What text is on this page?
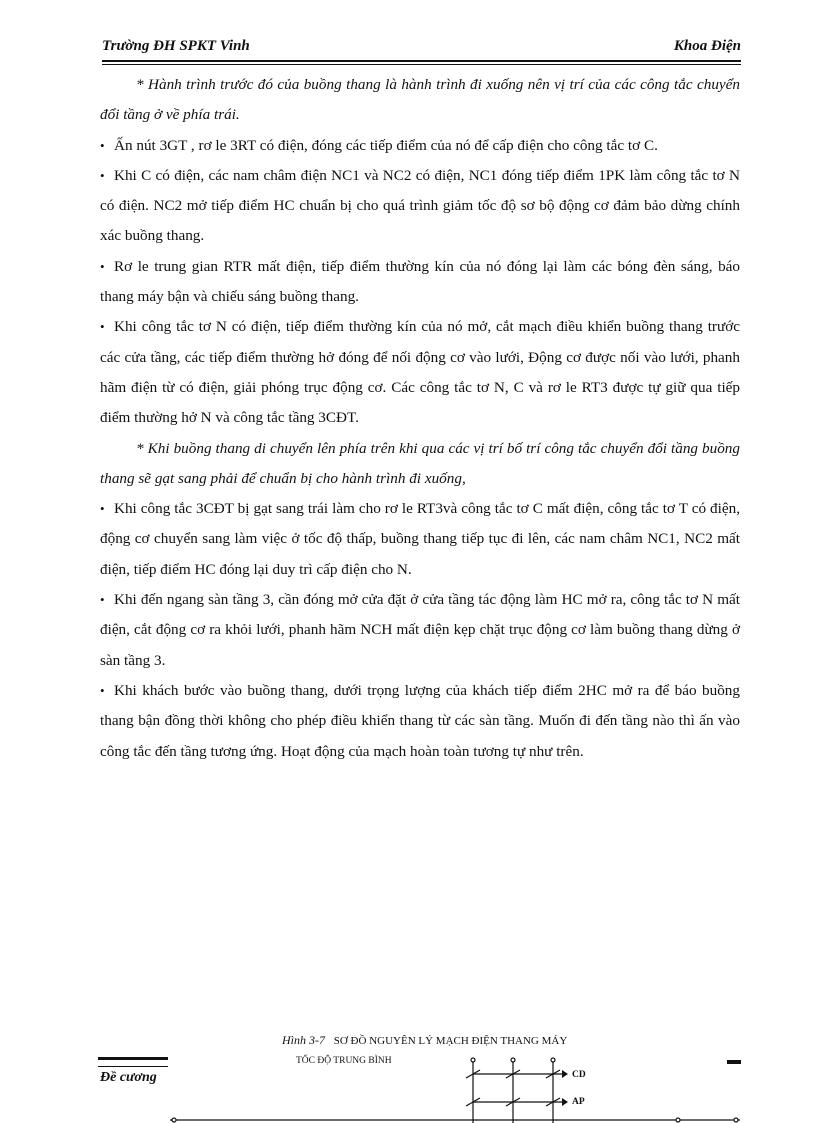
Trường ĐH SPKT Vinh	Khoa Điện

* Hành trình trước đó của buồng thang là hành trình đi xuống nên vị trí của các công tắc chuyển đổi tầng ở về phía trái.

• Ấn nút 3GT , rơ le 3RT có điện, đóng các tiếp điểm của nó để cấp điện cho công tắc tơ C.

• Khi C có điện, các nam châm điện NC1 và NC2 có điện, NC1 đóng tiếp điểm 1PK làm công tắc tơ N có điện. NC2 mở tiếp điểm HC chuẩn bị cho quá trình giảm tốc độ sơ bộ động cơ đảm bảo dừng chính xác buồng thang.

• Rơ le trung gian RTR mất điện, tiếp điểm thường kín của nó đóng lại làm các bóng đèn sáng, báo thang máy bận và chiếu sáng buồng thang.

• Khi công tắc tơ N có điện, tiếp điểm thường kín của nó mở, cắt mạch điều khiển buồng thang trước các cửa tầng, các tiếp điểm thường hở đóng để nối động cơ vào lưới, Động cơ được nối vào lưới, phanh hãm điện từ có điện, giải phóng trục động cơ. Các công tắc tơ N, C và rơ le RT3 được tự giữ qua tiếp điểm thường hở N và công tắc tầng 3CĐT.

* Khi buồng thang di chuyển lên phía trên khi qua các vị trí bố trí công tắc chuyển đổi tầng buồng thang sẽ gạt sang phải để chuẩn bị cho hành trình đi xuống,

• Khi công tắc 3CĐT bị gạt sang trái làm cho rơ le RT3và công tắc tơ C mất điện, công tắc tơ T có điện, động cơ chuyển sang làm việc ở tốc độ thấp, buồng thang tiếp tục đi lên, các nam châm NC1, NC2 mất điện, tiếp điểm HC đóng lại duy trì cấp điện cho N.

• Khi đến ngang sàn tầng 3, cần đóng mở cửa đặt ở cửa tầng tác động làm HC mở ra, công tắc tơ N mất điện, cắt động cơ ra khỏi lưới, phanh hãm NCH mất điện kẹp chặt trục động cơ làm buồng thang dừng ở sàn tầng 3.

• Khi khách bước vào buồng thang, dưới trọng lượng của khách tiếp điểm 2HC mở ra để báo buồng thang bận đồng thời không cho phép điều khiển thang từ các sàn tầng. Muốn đi đến tầng nào thì ấn vào công tắc đến tầng tương ứng. Hoạt động của mạch hoàn toàn tương tự như trên.

Hình 3-7 SƠ ĐỒ NGUYÊN LÝ MẠCH ĐIỆN THANG MÁY
TỐC ĐỘ TRUNG BÌNH
CD
AP
Đề cương
